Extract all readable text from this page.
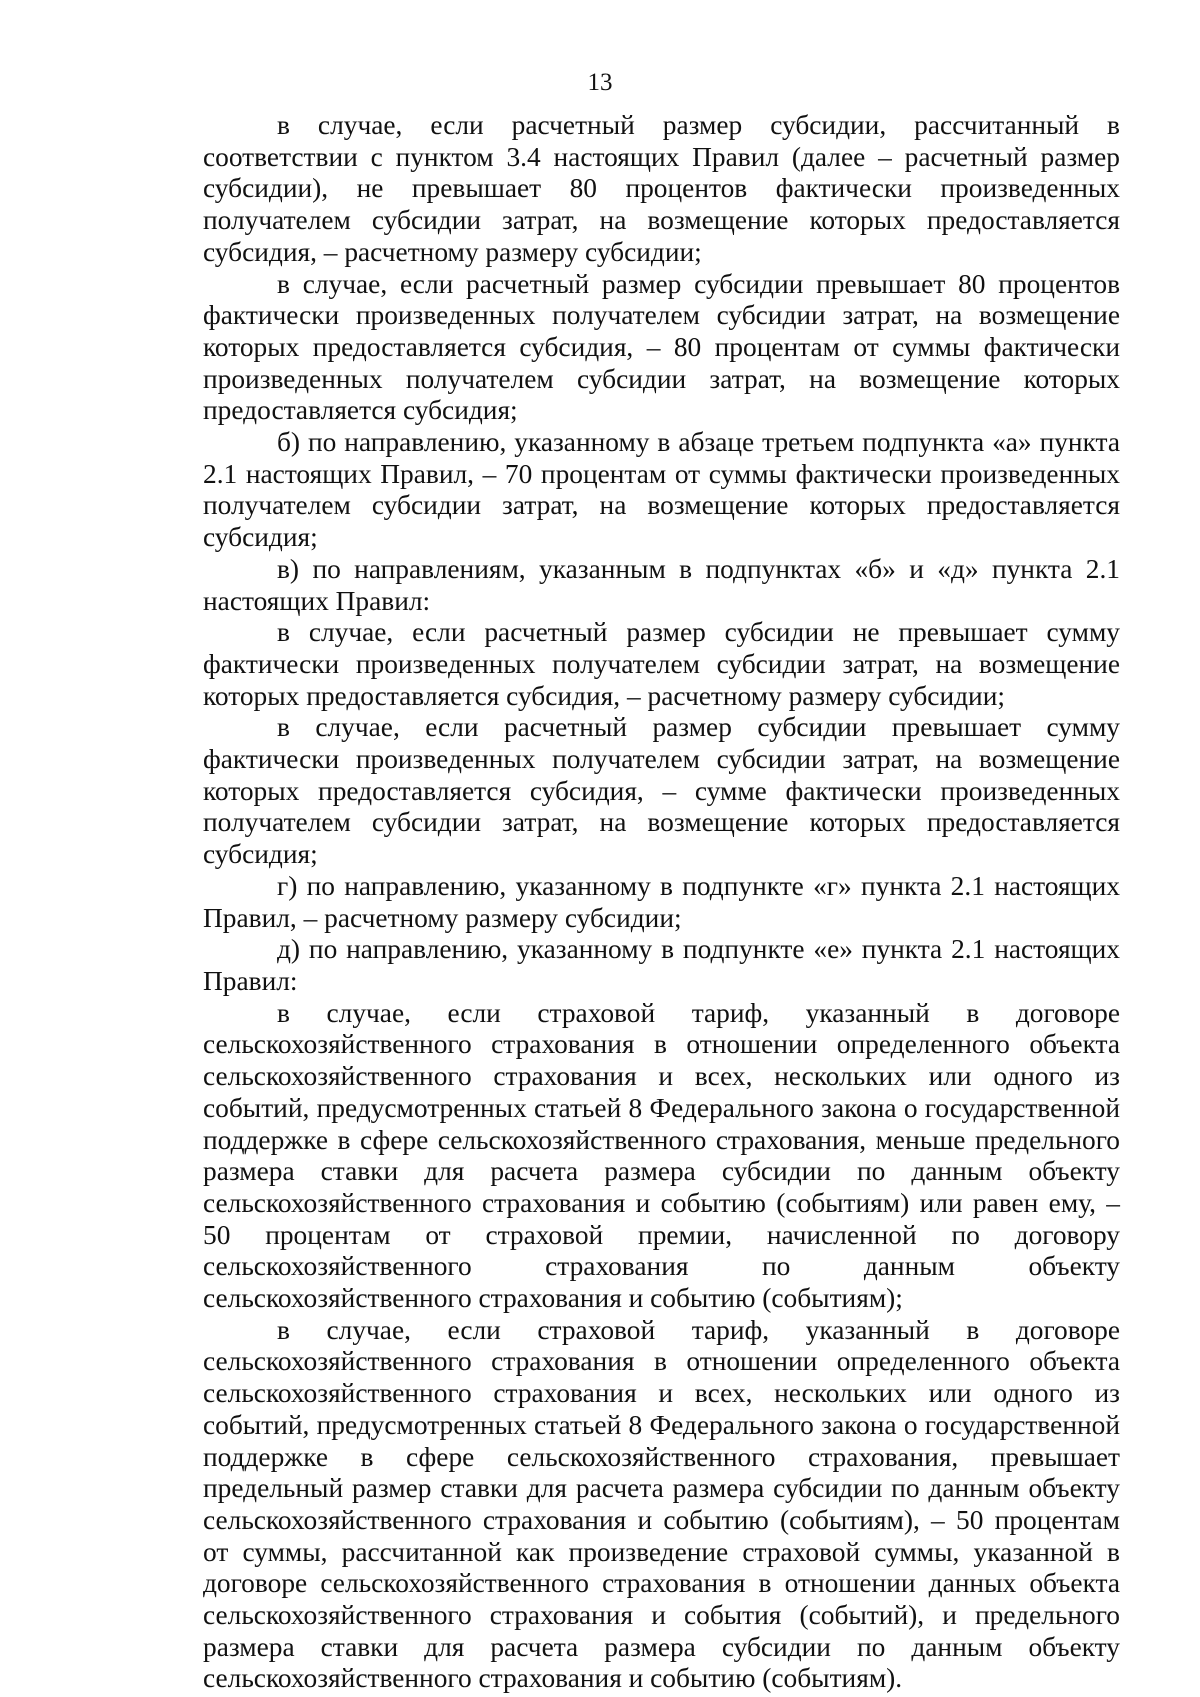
13

в случае, если расчетный размер субсидии, рассчитанный в соответствии с пунктом 3.4 настоящих Правил (далее – расчетный размер субсидии), не превышает 80 процентов фактически произведенных получателем субсидии затрат, на возмещение которых предоставляется субсидия, – расчетному размеру субсидии;

в случае, если расчетный размер субсидии превышает 80 процентов фактически произведенных получателем субсидии затрат, на возмещение которых предоставляется субсидия, – 80 процентам от суммы фактически произведенных получателем субсидии затрат, на возмещение которых предоставляется субсидия;

б) по направлению, указанному в абзаце третьем подпункта «а» пункта 2.1 настоящих Правил, – 70 процентам от суммы фактически произведенных получателем субсидии затрат, на возмещение которых предоставляется субсидия;

в) по направлениям, указанным в подпунктах «б» и «д» пункта 2.1 настоящих Правил:

в случае, если расчетный размер субсидии не превышает сумму фактически произведенных получателем субсидии затрат, на возмещение которых предоставляется субсидия, – расчетному размеру субсидии;

в случае, если расчетный размер субсидии превышает сумму фактически произведенных получателем субсидии затрат, на возмещение которых предоставляется субсидия, – сумме фактически произведенных получателем субсидии затрат, на возмещение которых предоставляется субсидия;

г) по направлению, указанному в подпункте «г» пункта 2.1 настоящих Правил, – расчетному размеру субсидии;

д) по направлению, указанному в подпункте «е» пункта 2.1 настоящих Правил:

в случае, если страховой тариф, указанный в договоре сельскохозяйственного страхования в отношении определенного объекта сельскохозяйственного страхования и всех, нескольких или одного из событий, предусмотренных статьей 8 Федерального закона о государственной поддержке в сфере сельскохозяйственного страхования, меньше предельного размера ставки для расчета размера субсидии по данным объекту сельскохозяйственного страхования и событию (событиям) или равен ему, – 50 процентам от страховой премии, начисленной по договору сельскохозяйственного страхования по данным объекту сельскохозяйственного страхования и событию (событиям);

в случае, если страховой тариф, указанный в договоре сельскохозяйственного страхования в отношении определенного объекта сельскохозяйственного страхования и всех, нескольких или одного из событий, предусмотренных статьей 8 Федерального закона о государственной поддержке в сфере сельскохозяйственного страхования, превышает предельный размер ставки для расчета размера субсидии по данным объекту сельскохозяйственного страхования и событию (событиям), – 50 процентам от суммы, рассчитанной как произведение страховой суммы, указанной в договоре сельскохозяйственного страхования в отношении данных объекта сельскохозяйственного страхования и события (событий), и предельного размера ставки для расчета размера субсидии по данным объекту сельскохозяйственного страхования и событию (событиям).
